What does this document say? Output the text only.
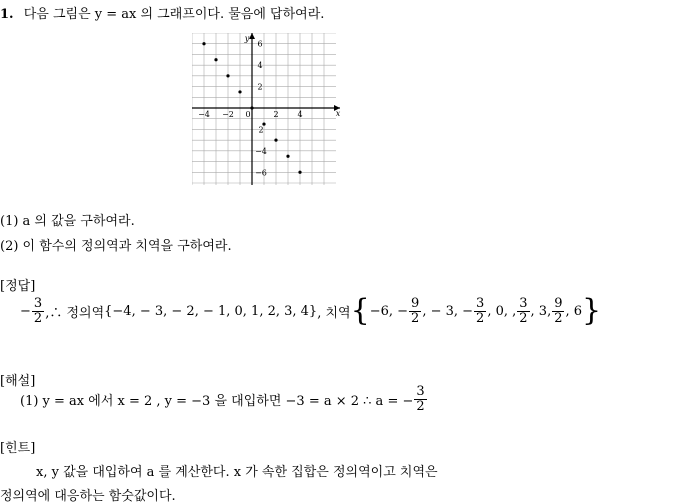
1. 다음 그림은 y = ax 의 그래프이다. 물음에 답하여라.
−4 −2 0	2 4
6
4
2
2
−4
−6
x
y
(1) a 의 값을 구하여라.
(2) 이 함수의 정의역과 치역을 구하여라.
[정답]
− $\frac{3}{2}$ ,∴ 정의역 {−4, − 3, − 2, − 1, 0, 1, 2, 3, 4} , 치역 { −6, − $\frac{9}{2}$ , − 3, − $\frac{3}{2}$ , 0, , $\frac{3}{2}$ , 3, $\frac{9}{2}$ , 6 }
[해설]
(1) y = ax 에서 x = 2 , y = −3 을 대입하면 −3 = a × 2 ∴ a = − $\frac{3}{2}$
[힌트]
x, y 값을 대입하여 a 를 계산한다. x 가 속한 집합은 정의역이고 치역은
정의역에 대응하는 함숫값이다.
